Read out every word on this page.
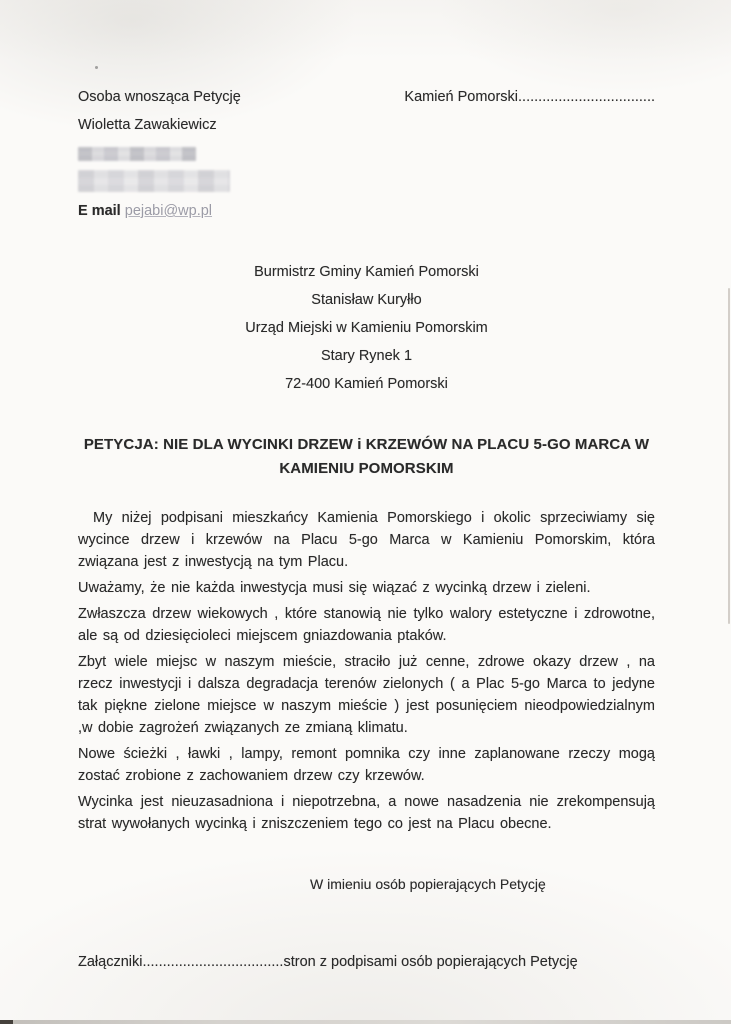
Osoba wnosząca Petycję	Kamień Pomorski..................................
Wioletta Zawakiewicz
E mail pejabi@wp.pl
Burmistrz Gminy Kamień Pomorski
Stanisław Kuryłło
Urząd Miejski w Kamieniu Pomorskim
Stary Rynek 1
72-400 Kamień Pomorski
PETYCJA: NIE DLA WYCINKI DRZEW i KRZEWÓW NA PLACU 5-GO MARCA W KAMIENIU POMORSKIM

My niżej podpisani mieszkańcy Kamienia Pomorskiego i okolic sprzeciwiamy się wycince drzew i krzewów na Placu 5-go Marca w Kamieniu Pomorskim, która związana jest z inwestycją na tym Placu.

Uważamy, że nie każda inwestycja musi się wiązać z wycinką drzew i zieleni.

Zwłaszcza drzew wiekowych , które stanowią nie tylko walory estetyczne i zdrowotne, ale są od dziesięcioleci miejscem gniazdowania ptaków.

Zbyt wiele miejsc w naszym mieście, straciło już cenne, zdrowe okazy drzew , na rzecz inwestycji i dalsza degradacja terenów zielonych ( a Plac 5-go Marca to jedyne tak piękne zielone miejsce w naszym mieście ) jest posunięciem nieodpowiedzialnym ,w dobie zagrożeń związanych ze zmianą klimatu.

Nowe ścieżki , ławki , lampy, remont pomnika czy inne zaplanowane rzeczy mogą zostać zrobione z zachowaniem drzew czy krzewów.

Wycinka jest nieuzasadniona i niepotrzebna, a nowe nasadzenia nie zrekompensują strat wywołanych wycinką i zniszczeniem tego co jest na Placu obecne.

W imieniu osób popierających Petycję
Załączniki...................................stron z podpisami osób popierających Petycję
